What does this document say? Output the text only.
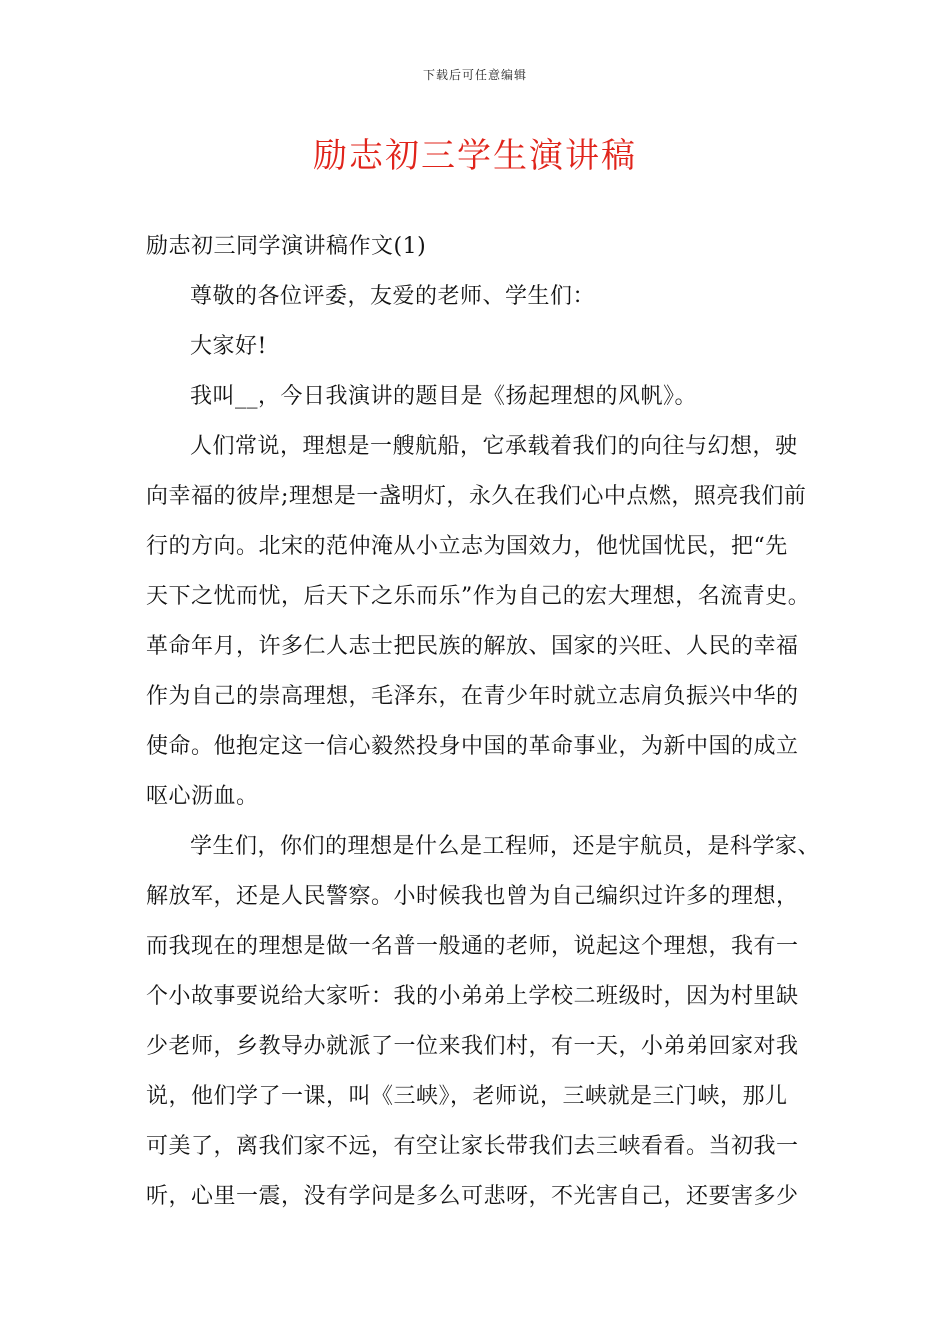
下载后可任意编辑
励志初三学生演讲稿

励志初三同学演讲稿作文(1)

尊敬的各位评委，友爱的老师、学生们：

大家好!

我叫__，今日我演讲的题目是《扬起理想的风帆》。

人们常说，理想是一艘航船，它承载着我们的向往与幻想，驶

向幸福的彼岸;理想是一盏明灯，永久在我们心中点燃，照亮我们前

行的方向。北宋的范仲淹从小立志为国效力，他忧国忧民，把“先

天下之忧而忧，后天下之乐而乐”作为自己的宏大理想，名流青史。

革命年月，许多仁人志士把民族的解放、国家的兴旺、人民的幸福

作为自己的崇高理想，毛泽东，在青少年时就立志肩负振兴中华的

使命。他抱定这一信心毅然投身中国的革命事业，为新中国的成立

呕心沥血。

学生们，你们的理想是什么是工程师，还是宇航员，是科学家、

解放军，还是人民警察。小时候我也曾为自己编织过许多的理想，

而我现在的理想是做一名普一般通的老师，说起这个理想，我有一

个小故事要说给大家听：我的小弟弟上学校二班级时，因为村里缺

少老师，乡教导办就派了一位来我们村，有一天，小弟弟回家对我

说，他们学了一课，叫《三峡》，老师说，三峡就是三门峡，那儿

可美了，离我们家不远，有空让家长带我们去三峡看看。当初我一

听，心里一震，没有学问是多么可悲呀，不光害自己，还要害多少
